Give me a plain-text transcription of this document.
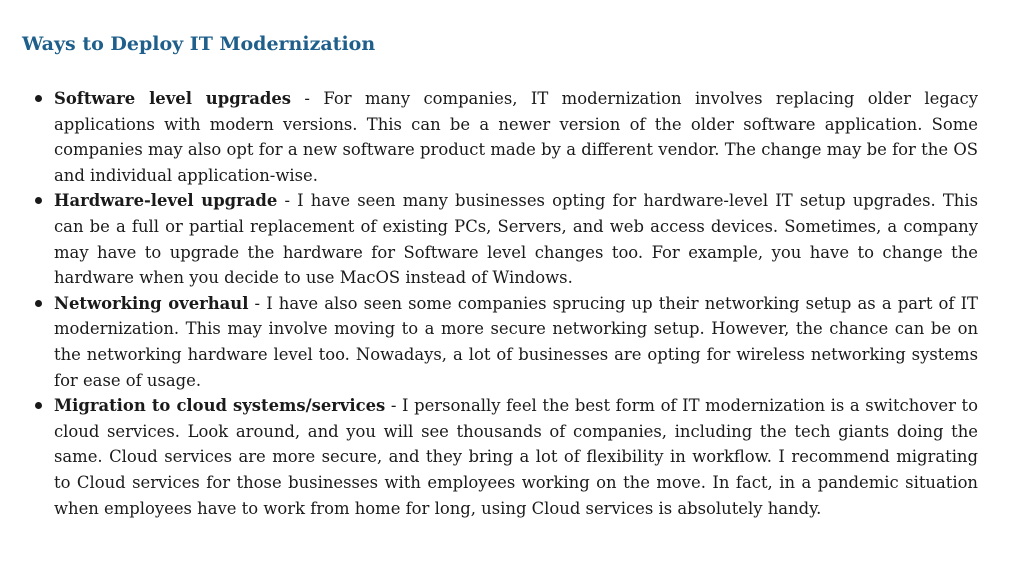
Ways to Deploy IT Modernization
Software level upgrades - For many companies, IT modernization involves replacing older legacy applications with modern versions. This can be a newer version of the older software application. Some companies may also opt for a new software product made by a different vendor. The change may be for the OS and individual application-wise.
Hardware-level upgrade - I have seen many businesses opting for hardware-level IT setup upgrades. This can be a full or partial replacement of existing PCs, Servers, and web access devices. Sometimes, a company may have to upgrade the hardware for Software level changes too. For example, you have to change the hardware when you decide to use MacOS instead of Windows.
Networking overhaul - I have also seen some companies sprucing up their networking setup as a part of IT modernization. This may involve moving to a more secure networking setup. However, the chance can be on the networking hardware level too. Nowadays, a lot of businesses are opting for wireless networking systems for ease of usage.
Migration to cloud systems/services - I personally feel the best form of IT modernization is a switchover to cloud services. Look around, and you will see thousands of companies, including the tech giants doing the same. Cloud services are more secure, and they bring a lot of flexibility in workflow. I recommend migrating to Cloud services for those businesses with employees working on the move. In fact, in a pandemic situation when employees have to work from home for long, using Cloud services is absolutely handy.
